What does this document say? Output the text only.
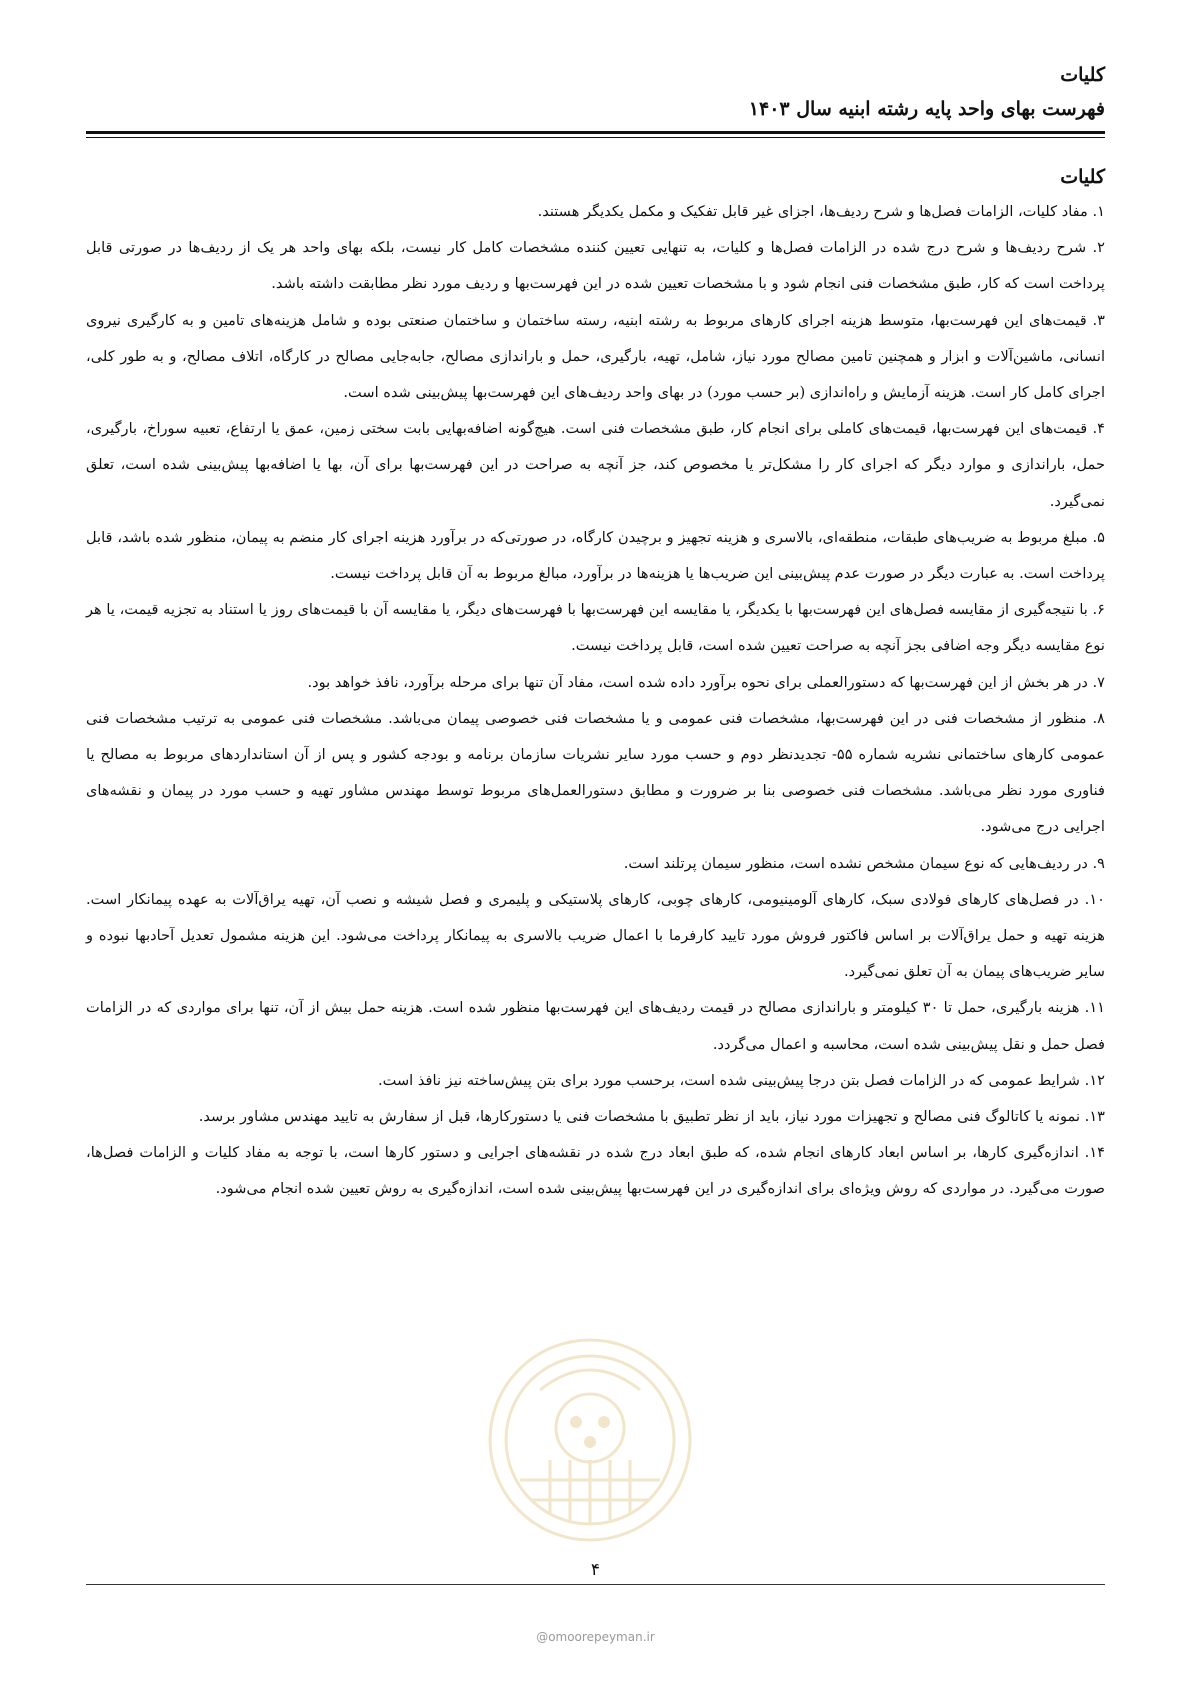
کلیات
فهرست بهای واحد پایه رشته ابنیه سال ۱۴۰۳
کلیات

۱. مفاد کلیات، الزامات فصل‌ها و شرح ردیف‌ها، اجزای غیر قابل تفکیک و مکمل یکدیگر هستند.

۲. شرح ردیف‌ها و شرح درج شده در الزامات فصل‌ها و کلیات، به تنهایی تعیین کننده مشخصات کامل کار نیست، بلکه بهای واحد هر یک از ردیف‌ها در صورتی قابل پرداخت است که کار، طبق مشخصات فنی انجام شود و با مشخصات تعیین شده در این فهرست‌بها و ردیف مورد نظر مطابقت داشته باشد.

۳. قیمت‌های این فهرست‌بها، متوسط هزینه اجرای کارهای مربوط به رشته ابنیه، رسته ساختمان و ساختمان صنعتی بوده و شامل هزینه‌های تامین و به کارگیری نیروی انسانی، ماشین‌آلات و ابزار و همچنین تامین مصالح مورد نیاز، شامل، تهیه، بارگیری، حمل و باراندازی مصالح، جابه‌جایی مصالح در کارگاه، اتلاف مصالح، و به طور کلی، اجرای کامل کار است. هزینه آزمایش و راه‌اندازی (بر حسب مورد) در بهای واحد ردیف‌های این فهرست‌بها پیش‌بینی شده است.

۴. قیمت‌های این فهرست‌بها، قیمت‌های کاملی برای انجام کار، طبق مشخصات فنی است. هیچ‌گونه اضافه‌بهایی بابت سختی زمین، عمق یا ارتفاع، تعبیه سوراخ، بارگیری، حمل، باراندازی و موارد دیگر که اجرای کار را مشکل‌تر یا مخصوص کند، جز آنچه به صراحت در این فهرست‌بها برای آن، بها یا اضافه‌بها پیش‌بینی شده است، تعلق نمی‌گیرد.

۵. مبلغ مربوط به ضریب‌های طبقات، منطقه‌ای، بالاسری و هزینه تجهیز و برچیدن کارگاه، در صورتی‌که در برآورد هزینه اجرای کار منضم به پیمان، منظور شده باشد، قابل پرداخت است. به عبارت دیگر در صورت عدم پیش‌بینی این ضریب‌ها یا هزینه‌ها در برآورد، مبالغ مربوط به آن قابل پرداخت نیست.

۶. با نتیجه‌گیری از مقایسه فصل‌های این فهرست‌بها با یکدیگر، یا مقایسه این فهرست‌بها با فهرست‌های دیگر، یا مقایسه آن با قیمت‌های روز یا استناد به تجزیه قیمت، یا هر نوع مقایسه دیگر وجه اضافی بجز آنچه به صراحت تعیین شده است، قابل پرداخت نیست.

۷. در هر بخش از این فهرست‌بها که دستورالعملی برای نحوه برآورد داده شده است، مفاد آن تنها برای مرحله برآورد، نافذ خواهد بود.

۸. منظور از مشخصات فنی در این فهرست‌بها، مشخصات فنی عمومی و یا مشخصات فنی خصوصی پیمان می‌باشد. مشخصات فنی عمومی به ترتیب مشخصات فنی عمومی کارهای ساختمانی نشریه شماره ۵۵- تجدیدنظر دوم و حسب مورد سایر نشریات سازمان برنامه و بودجه کشور و پس از آن استانداردهای مربوط به مصالح یا فناوری مورد نظر می‌باشد. مشخصات فنی خصوصی بنا بر ضرورت و مطابق دستورالعمل‌های مربوط توسط مهندس مشاور تهیه و حسب مورد در پیمان و نقشه‌های اجرایی درج می‌شود.

۹. در ردیف‌هایی که نوع سیمان مشخص نشده است، منظور سیمان پرتلند است.

۱۰. در فصل‌های کارهای فولادی سبک، کارهای آلومینیومی، کارهای چوبی، کارهای پلاستیکی و پلیمری و فصل شیشه و نصب آن، تهیه یراق‌آلات به عهده پیمانکار است. هزینه تهیه و حمل یراق‌آلات بر اساس فاکتور فروش مورد تایید کارفرما با اعمال ضریب بالاسری به پیمانکار پرداخت می‌شود. این هزینه مشمول تعدیل آحادبها نبوده و سایر ضریب‌های پیمان به آن تعلق نمی‌گیرد.

۱۱. هزینه بارگیری، حمل تا ۳۰ کیلومتر و باراندازی مصالح در قیمت ردیف‌های این فهرست‌بها منظور شده است. هزینه حمل بیش از آن، تنها برای مواردی که در الزامات فصل حمل و نقل پیش‌بینی شده است، محاسبه و اعمال می‌گردد.

۱۲. شرایط عمومی که در الزامات فصل بتن درجا پیش‌بینی شده است، برحسب مورد برای بتن پیش‌ساخته نیز نافذ است.

۱۳. نمونه یا کاتالوگ فنی مصالح و تجهیزات مورد نیاز، باید از نظر تطبیق با مشخصات فنی یا دستورکارها، قبل از سفارش به تایید مهندس مشاور برسد.

۱۴. اندازه‌گیری کارها، بر اساس ابعاد کارهای انجام شده، که طبق ابعاد درج شده در نقشه‌های اجرایی و دستور کارها است، با توجه به مفاد کلیات و الزامات فصل‌ها، صورت می‌گیرد. در مواردی که روش ویژه‌ای برای اندازه‌گیری در این فهرست‌بها پیش‌بینی شده است، اندازه‌گیری به روش تعیین شده انجام می‌شود.

۴
@omoorepeyman.ir
